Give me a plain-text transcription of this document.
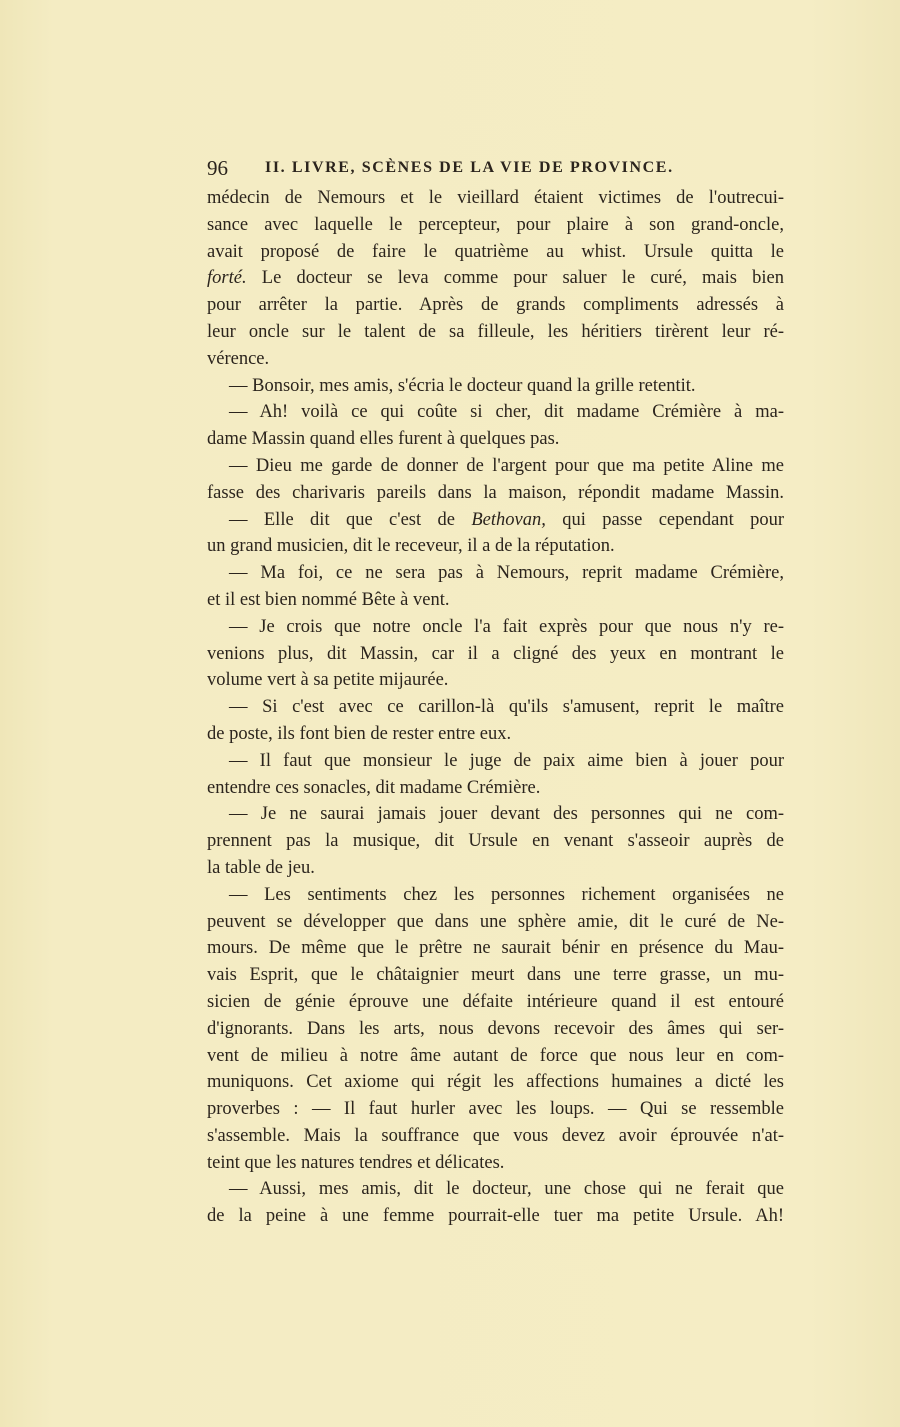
96 II. LIVRE, SCÈNES DE LA VIE DE PROVINCE.
médecin de Nemours et le vieillard étaient victimes de l'outrecui-
sance avec laquelle le percepteur, pour plaire à son grand-oncle,
avait proposé de faire le quatrième au whist. Ursule quitta le
forté. Le docteur se leva comme pour saluer le curé, mais bien
pour arrêter la partie. Après de grands compliments adressés à
leur oncle sur le talent de sa filleule, les héritiers tirèrent leur ré-
vérence.
— Bonsoir, mes amis, s'écria le docteur quand la grille retentit.
— Ah! voilà ce qui coûte si cher, dit madame Crémière à ma-
dame Massin quand elles furent à quelques pas.
— Dieu me garde de donner de l'argent pour que ma petite Aline me
fasse des charivaris pareils dans la maison, répondit madame Massin.
— Elle dit que c'est de Bethovan, qui passe cependant pour
un grand musicien, dit le receveur, il a de la réputation.
— Ma foi, ce ne sera pas à Nemours, reprit madame Crémière,
et il est bien nommé Bête à vent.
— Je crois que notre oncle l'a fait exprès pour que nous n'y re-
venions plus, dit Massin, car il a cligné des yeux en montrant le
volume vert à sa petite mijaurée.
— Si c'est avec ce carillon-là qu'ils s'amusent, reprit le maître
de poste, ils font bien de rester entre eux.
— Il faut que monsieur le juge de paix aime bien à jouer pour
entendre ces sonacles, dit madame Crémière.
— Je ne saurai jamais jouer devant des personnes qui ne com-
prennent pas la musique, dit Ursule en venant s'asseoir auprès de
la table de jeu.
— Les sentiments chez les personnes richement organisées ne
peuvent se développer que dans une sphère amie, dit le curé de Ne-
mours. De même que le prêtre ne saurait bénir en présence du Mau-
vais Esprit, que le châtaignier meurt dans une terre grasse, un mu-
sicien de génie éprouve une défaite intérieure quand il est entouré
d'ignorants. Dans les arts, nous devons recevoir des âmes qui ser-
vent de milieu à notre âme autant de force que nous leur en com-
muniquons. Cet axiome qui régit les affections humaines a dicté les
proverbes : — Il faut hurler avec les loups. — Qui se ressemble
s'assemble. Mais la souffrance que vous devez avoir éprouvée n'at-
teint que les natures tendres et délicates.
— Aussi, mes amis, dit le docteur, une chose qui ne ferait que
de la peine à une femme pourrait-elle tuer ma petite Ursule. Ah!
